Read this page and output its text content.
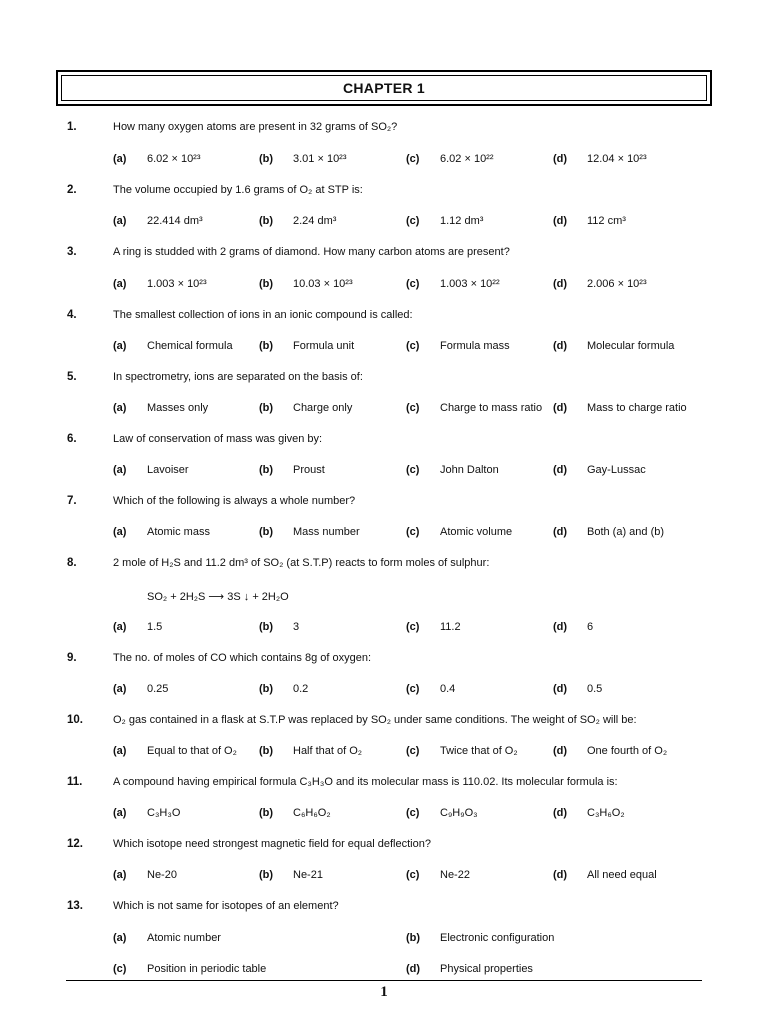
CHAPTER 1
1.	How many oxygen atoms are present in 32 grams of SO₂?
(a) 6.02 × 10²³	(b) 3.01 × 10²³	(c) 6.02 × 10²²	(d) 12.04 × 10²³
2.	The volume occupied by 1.6 grams of O₂ at STP is:
(a) 22.414 dm³	(b) 2.24 dm³	(c) 1.12 dm³	(d) 112 cm³
3.	A ring is studded with 2 grams of diamond. How many carbon atoms are present?
(a) 1.003 × 10²³	(b) 10.03 × 10²³	(c) 1.003 × 10²²	(d) 2.006 × 10²³
4.	The smallest collection of ions in an ionic compound is called:
(a) Chemical formula (b) Formula unit	(c) Formula mass	(d) Molecular formula
5.	In spectrometry, ions are separated on the basis of:
(a) Masses only	(b) Charge only	(c) Charge to mass ratio (d) Mass to charge ratio
6.	Law of conservation of mass was given by:
(a) Lavoiser	(b) Proust	(c) John Dalton	(d) Gay-Lussac
7.	Which of the following is always a whole number?
(a) Atomic mass	(b) Mass number	(c) Atomic volume	(d) Both (a) and (b)
8.	2 mole of H₂S and 11.2 dm³ of SO₂ (at S.T.P) reacts to form moles of sulphur:
SO₂ + 2H₂S ⟶ 3S ↓ + 2H₂O
(a) 1.5	(b) 3	(c) 11.2	(d) 6
9.	The no. of moles of CO which contains 8g of oxygen:
(a) 0.25	(b) 0.2	(c) 0.4	(d) 0.5
10.	O₂ gas contained in a flask at S.T.P was replaced by SO₂ under same conditions. The weight of SO₂ will be:
(a) Equal to that of O₂ (b) Half that of O₂	(c) Twice that of O₂	(d) One fourth of O₂
11.	A compound having empirical formula C₃H₃O and its molecular mass is 110.02. Its molecular formula is:
(a) C₃H₃O	(b) C₆H₆O₂	(c) C₉H₉O₃	(d) C₃H₆O₂
12.	Which isotope need strongest magnetic field for equal deflection?
(a) Ne-20	(b) Ne-21	(c) Ne-22	(d) All need equal
13.	Which is not same for isotopes of an element?
(a) Atomic number	(b) Electronic configuration
(c) Position in periodic table	(d) Physical properties
1
